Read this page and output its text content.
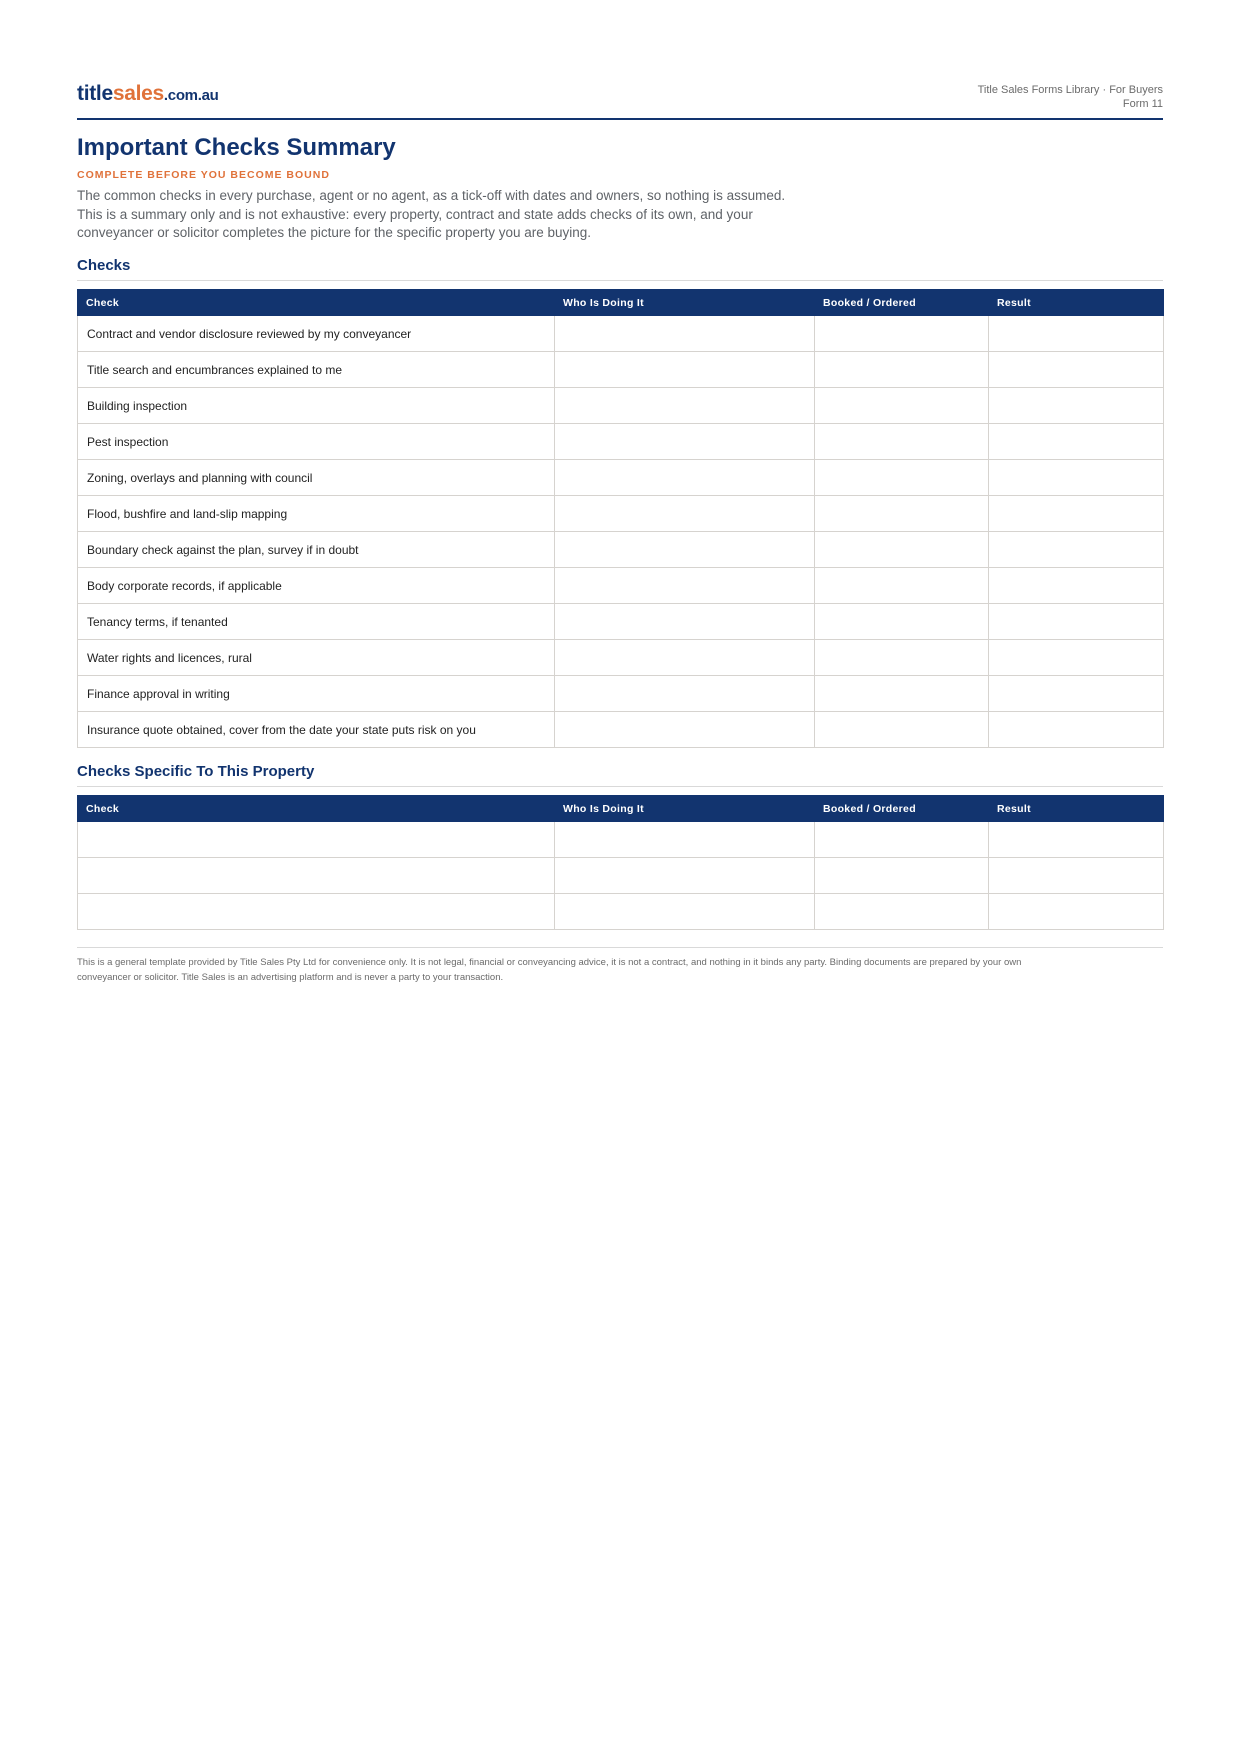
titlesales.com.au	Title Sales Forms Library · For Buyers
Form 11
Important Checks Summary
COMPLETE BEFORE YOU BECOME BOUND

The common checks in every purchase, agent or no agent, as a tick-off with dates and owners, so nothing is assumed.

This is a summary only and is not exhaustive: every property, contract and state adds checks of its own, and your

conveyancer or solicitor completes the picture for the specific property you are buying.

Checks
Check	Who Is Doing It	Booked / Ordered	Result
Contract and vendor disclosure reviewed by my conveyancer			
Title search and encumbrances explained to me			
Building inspection			
Pest inspection			
Zoning, overlays and planning with council			
Flood, bushfire and land-slip mapping			
Boundary check against the plan, survey if in doubt			
Body corporate records, if applicable			
Tenancy terms, if tenanted			
Water rights and licences, rural			
Finance approval in writing			
Insurance quote obtained, cover from the date your state puts risk on you			
Checks Specific To This Property
Check	Who Is Doing It	Booked / Ordered	Result

This is a general template provided by Title Sales Pty Ltd for convenience only. It is not legal, financial or conveyancing advice, it is not a contract, and nothing in it binds any party. Binding documents are prepared by your own
conveyancer or solicitor. Title Sales is an advertising platform and is never a party to your transaction.
